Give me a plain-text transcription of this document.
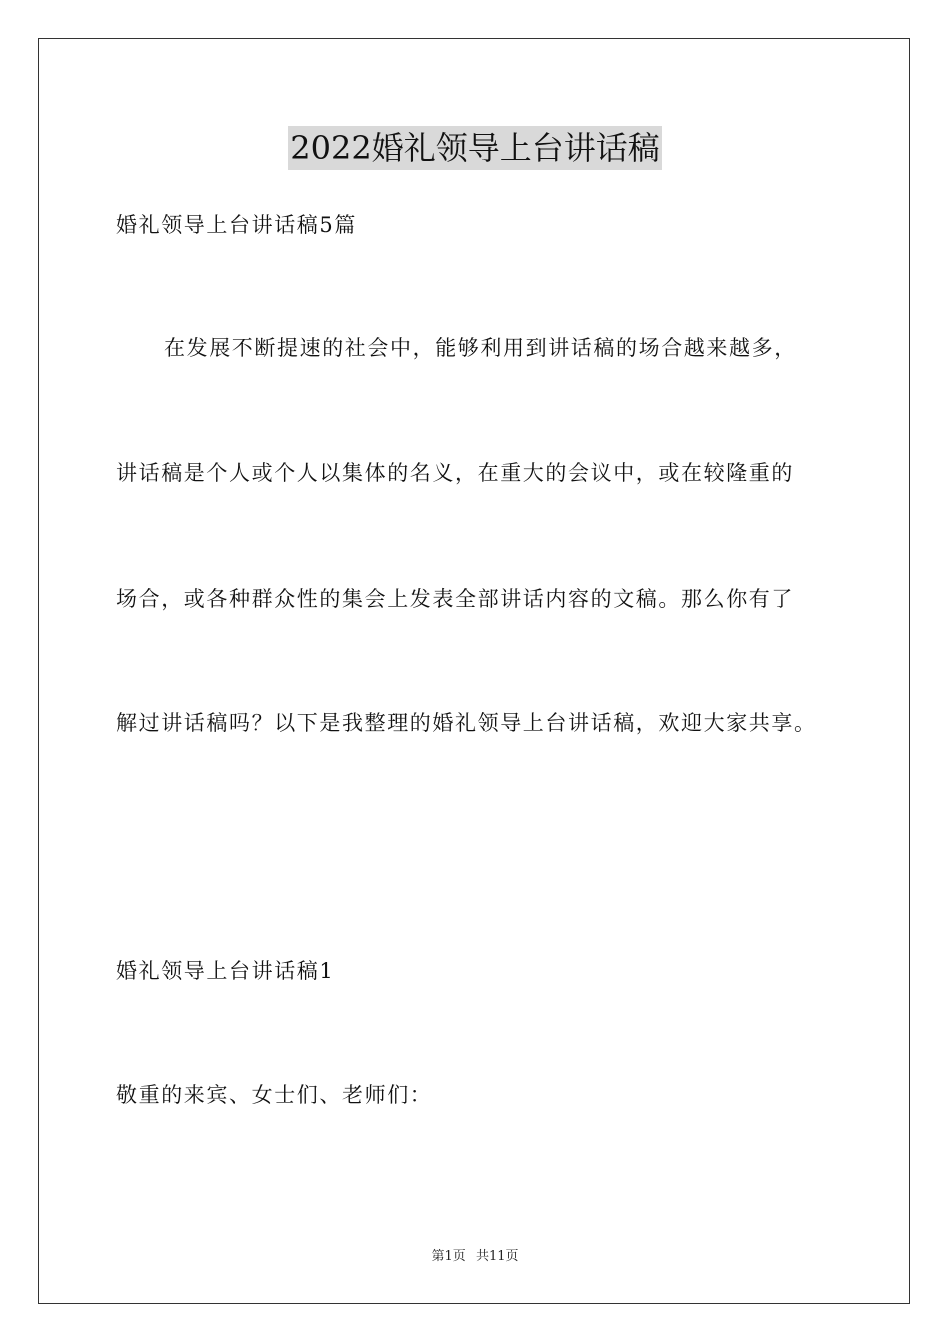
2022婚礼领导上台讲话稿
婚礼领导上台讲话稿5篇
在发展不断提速的社会中，能够利用到讲话稿的场合越来越多，
讲话稿是个人或个人以集体的名义，在重大的会议中，或在较隆重的
场合，或各种群众性的集会上发表全部讲话内容的文稿。那么你有了
解过讲话稿吗？以下是我整理的婚礼领导上台讲话稿，欢迎大家共享。
婚礼领导上台讲话稿1
敬重的来宾、女士们、老师们：
第1页 共11页
